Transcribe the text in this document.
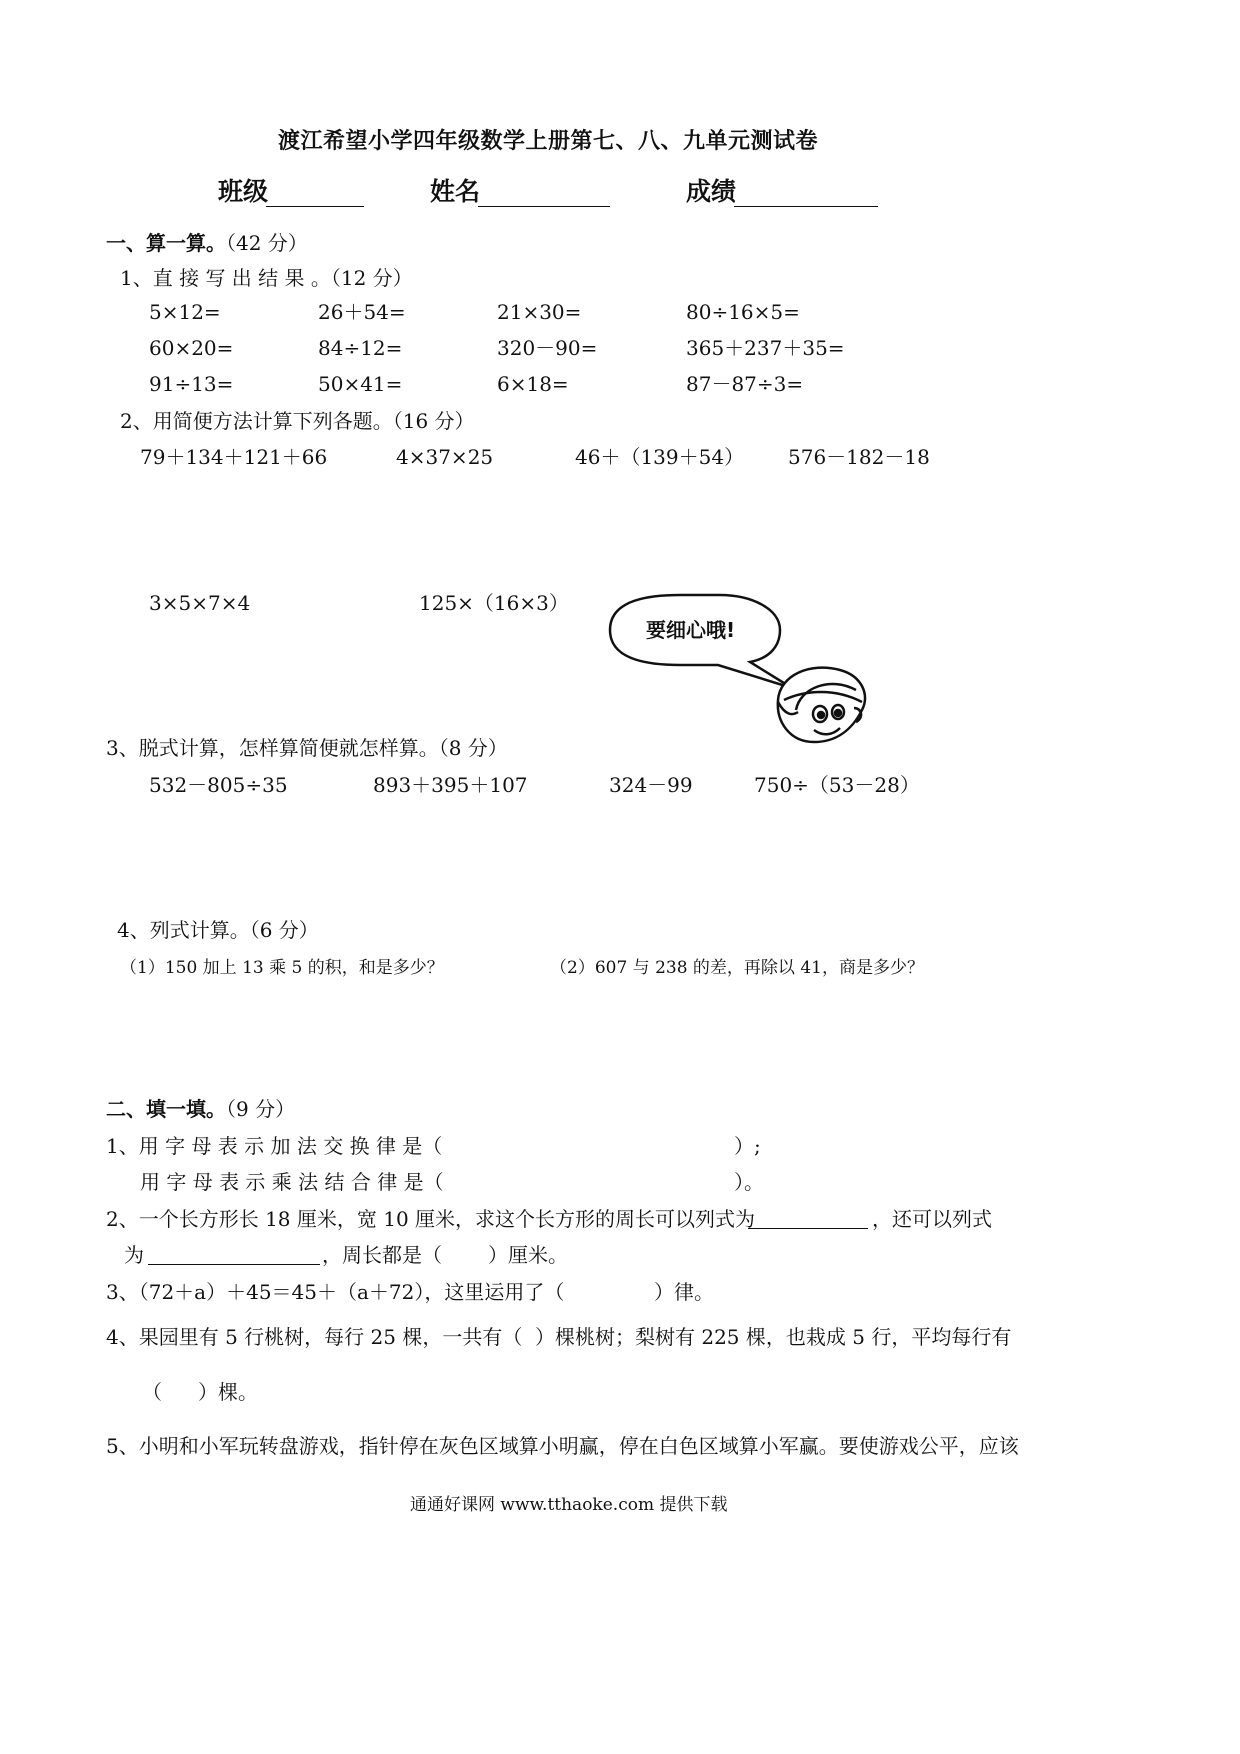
渡江希望小学四年级数学上册第七、八、九单元测试卷
班级	姓名	成绩
一、算一算。（42 分）
1、直 接 写 出 结 果 。（12 分）
5×12=	26＋54=	21×30=	80÷16×5=
60×20=	84÷12=	320－90=	365＋237＋35=
91÷13=	50×41=	6×18=	87－87÷3=
2、用简便方法计算下列各题。（16 分）
79＋134＋121＋66	4×37×25	46＋（139＋54） 576－182－18
3×5×7×4	125×（16×3）
要细心哦!
3、脱式计算，怎样算简便就怎样算。（8 分）
532－805÷35	893＋395＋107	324－99	750÷（53－28）
4、列式计算。（6 分）
（1）150 加上 13 乘 5 的积，和是多少？	（2）607 与 238 的差，再除以 41，商是多少？
二、填一填。（9 分）
1、用 字 母 表 示 加 法 交 换 律 是（	）;
用 字 母 表 示 乘 法 结 合 律 是（	）。
2、一个长方形长 18 厘米，宽 10 厘米，求这个长方形的周长可以列式为	，还可以列式
为	，周长都是（ ）厘米。
3、（72＋a）＋45＝45＋（a＋72），这里运用了（	）律。
4、果园里有 5 行桃树，每行 25 棵，一共有（ ）棵桃树；梨树有 225 棵，也栽成 5 行，平均每行有
（ ）棵。
5、小明和小军玩转盘游戏，指针停在灰色区域算小明赢，停在白色区域算小军赢。要使游戏公平，应该
通通好课网 www.tthaoke.com 提供下载
